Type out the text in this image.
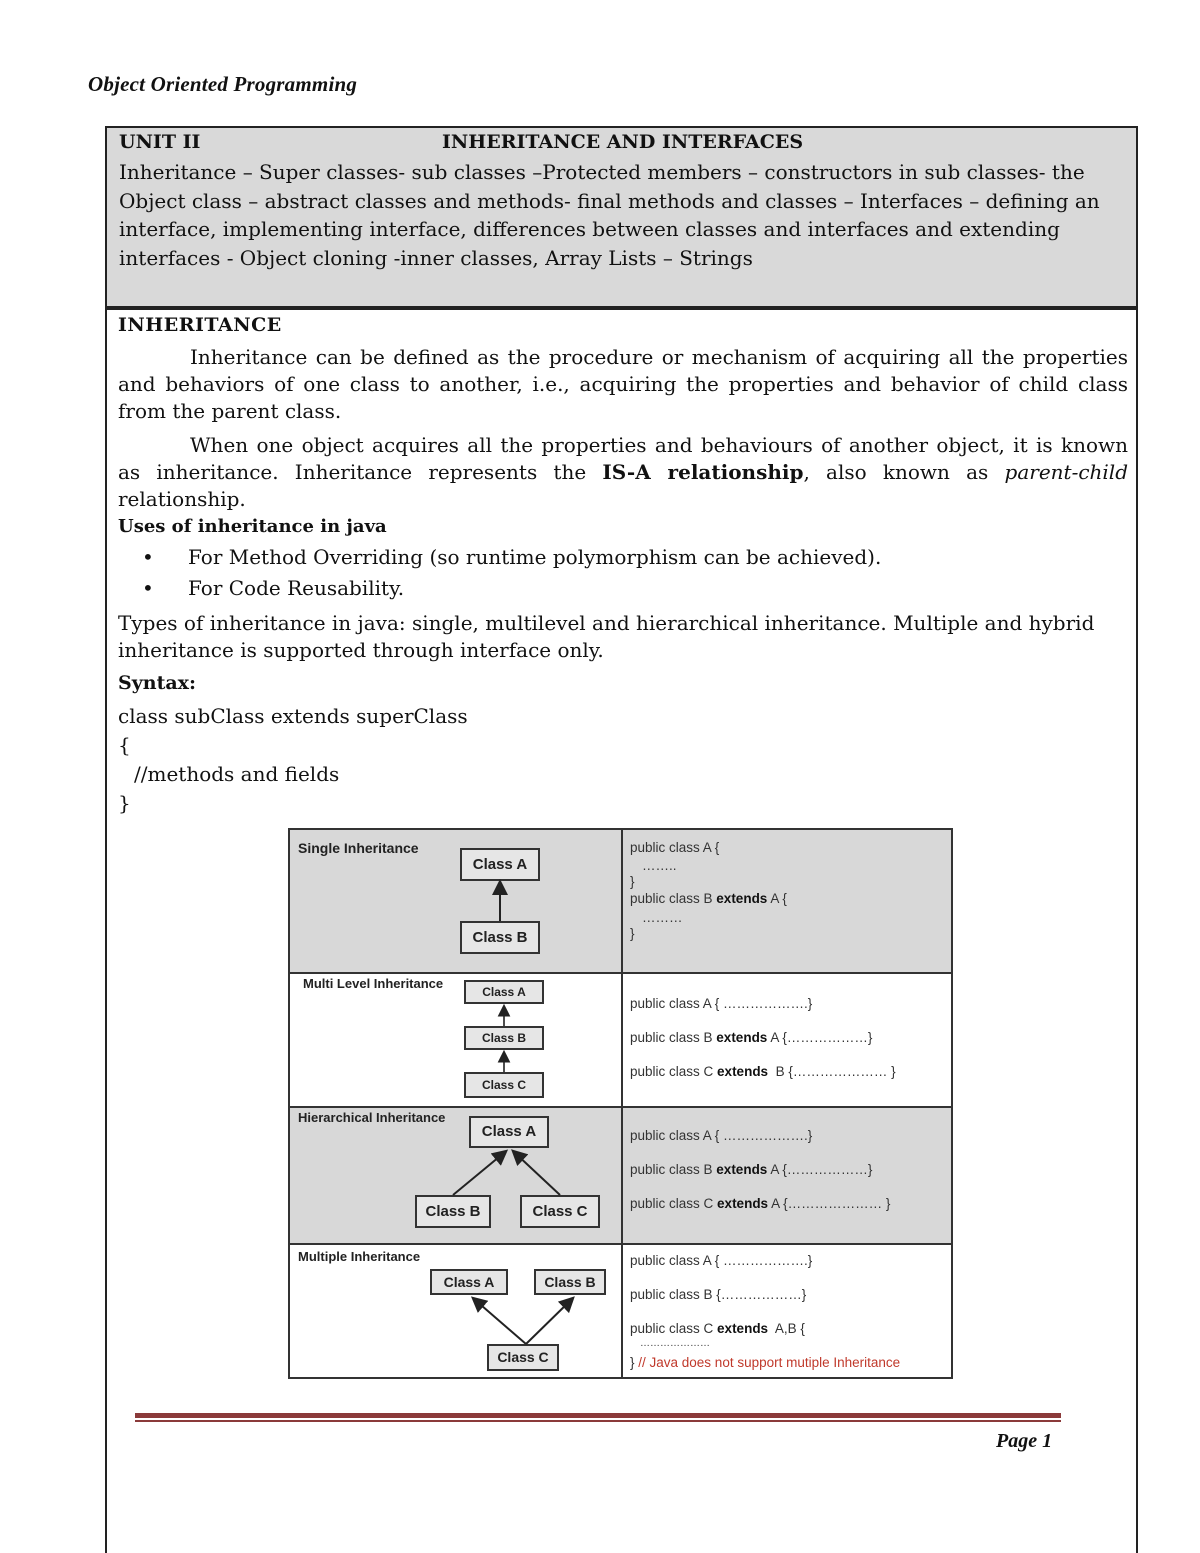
Object Oriented Programming
UNIT II	INHERITANCE AND INTERFACES
Inheritance – Super classes- sub classes –Protected members – constructors in sub classes- the Object class – abstract classes and methods- final methods and classes – Interfaces – defining an interface, implementing interface, differences between classes and interfaces and extending interfaces - Object cloning -inner classes, Array Lists – Strings
INHERITANCE
Inheritance can be defined as the procedure or mechanism of acquiring all the properties and behaviors of one class to another, i.e., acquiring the properties and behavior of child class from the parent class.
When one object acquires all the properties and behaviours of another object, it is known as inheritance. Inheritance represents the IS-A relationship, also known as parent-child relationship.
Uses of inheritance in java
• For Method Overriding (so runtime polymorphism can be achieved).
• For Code Reusability.
Types of inheritance in java: single, multilevel and hierarchical inheritance. Multiple and hybrid inheritance is supported through interface only.
Syntax:
class subClass extends superClass
{
//methods and fields
}
Single Inheritance
Class A
Class B
public class A {
……..
}
public class B extends A {
………
}
Multi Level Inheritance
Class A
Class B
Class C
public class A { ……………….}
public class B extends A {………………}
public class C extends  B {………………… }
Hierarchical Inheritance
Class A
Class B	Class C
public class A { ……………….}
public class B extends A {………………}
public class C extends A {………………… }
Multiple Inheritance
Class A	Class B
Class C
public class A { ……………….}
public class B {………………}
public class C extends  A,B {
…………………
} // Java does not support mutiple Inheritance
Page 1
